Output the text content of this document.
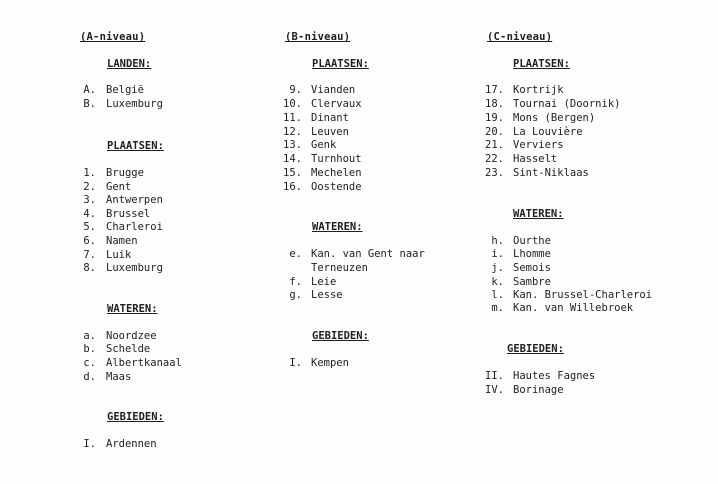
(A-niveau)
LANDEN:
A. België
B. Luxemburg
PLAATSEN:
1. Brugge
2. Gent
3. Antwerpen
4. Brussel
5. Charleroi
6. Namen
7. Luik
8. Luxemburg
WATEREN:
a. Noordzee
b. Schelde
c. Albertkanaal
d. Maas
GEBIEDEN:
I. Ardennen
(B-niveau)
PLAATSEN:
9. Vianden
10. Clervaux
11. Dinant
12. Leuven
13. Genk
14. Turnhout
15. Mechelen
16. Oostende
WATEREN:
e. Kan. van Gent naar
Terneuzen
f. Leie
g. Lesse
GEBIEDEN:
I. Kempen
(C-niveau)
PLAATSEN:
17. Kortrijk
18. Tournai (Doornik)
19. Mons (Bergen)
20. La Louvière
21. Verviers
22. Hasselt
23. Sint-Niklaas
WATEREN:
h. Ourthe
i. Lhomme
j. Semois
k. Sambre
l. Kan. Brussel-Charleroi
m. Kan. van Willebroek
GEBIEDEN:
II. Hautes Fagnes
IV. Borinage
